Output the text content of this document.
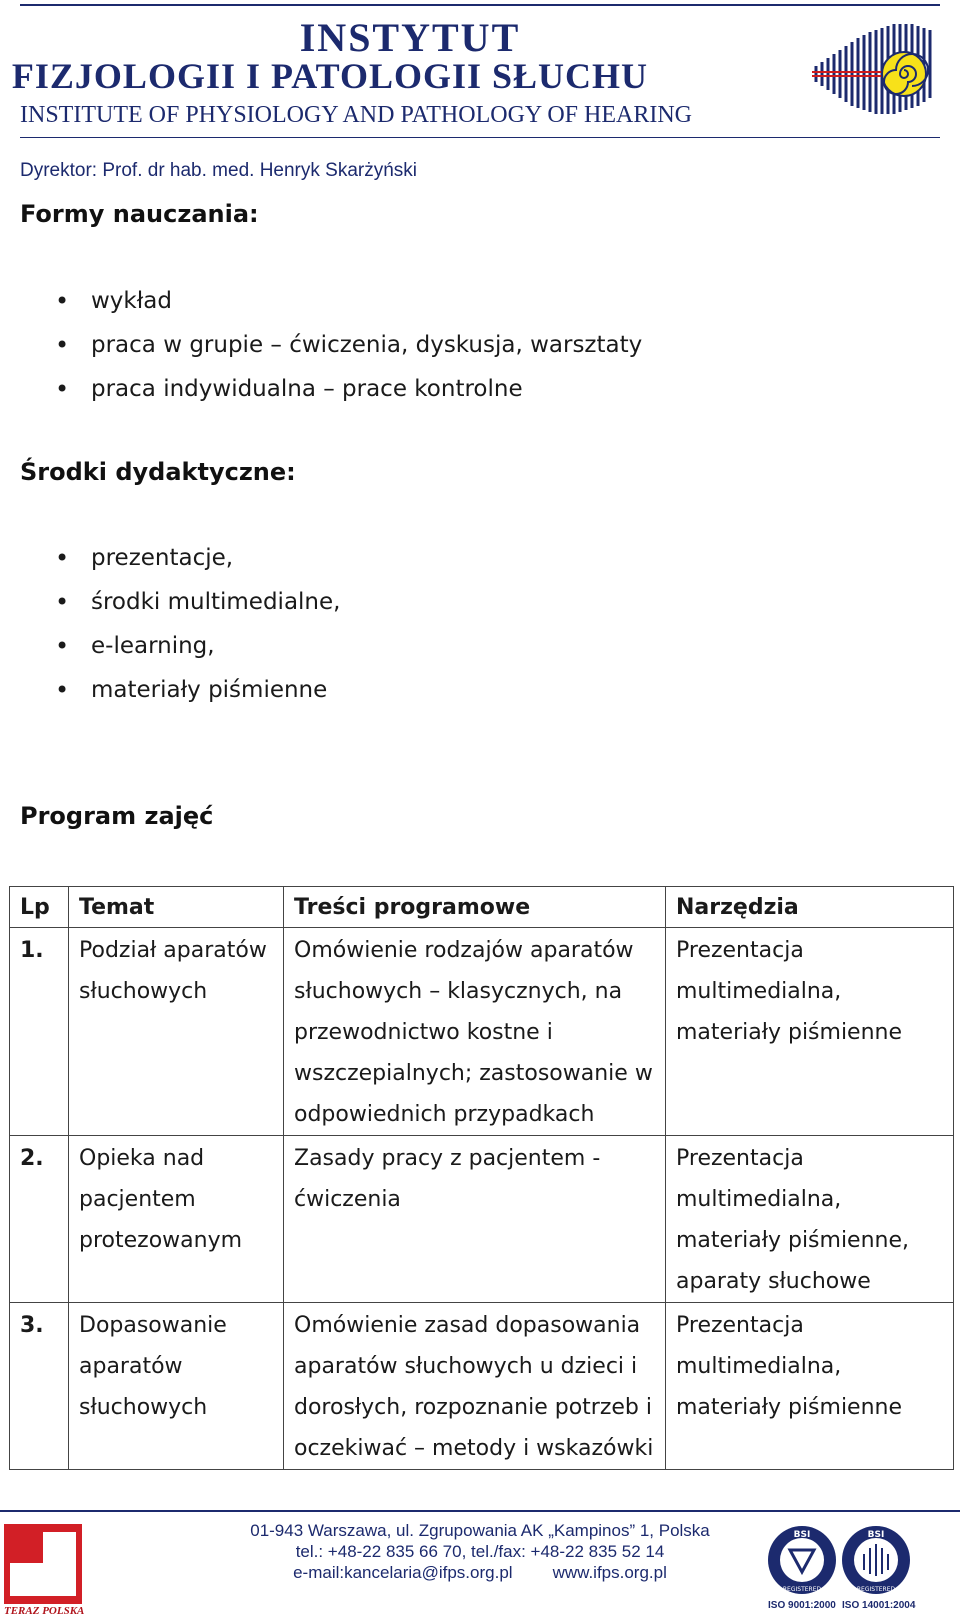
INSTYTUT
FIZJOLOGII I PATOLOGII SŁUCHU
INSTITUTE OF PHYSIOLOGY AND PATHOLOGY OF HEARING
Dyrektor: Prof. dr hab. med. Henryk Skarżyński
Formy nauczania:
• wykład
• praca w grupie – ćwiczenia, dyskusja, warsztaty
• praca indywidualna – prace kontrolne
Środki dydaktyczne:
• prezentacje,
• środki multimedialne,
• e-learning,
• materiały piśmienne
Program zajęć
Lp	Temat	Treści programowe	Narzędzia
1.	Podział aparatów słuchowych	Omówienie rodzajów aparatów słuchowych – klasycznych, na przewodnictwo kostne i wszczepialnych; zastosowanie w odpowiednich przypadkach	Prezentacja multimedialna, materiały piśmienne
2.	Opieka nad pacjentem protezowanym	Zasady pracy z pacjentem - ćwiczenia	Prezentacja multimedialna, materiały piśmienne, aparaty słuchowe
3.	Dopasowanie aparatów słuchowych	Omówienie zasad dopasowania aparatów słuchowych u dzieci i dorosłych, rozpoznanie potrzeb i oczekiwać – metody i wskazówki	Prezentacja multimedialna, materiały piśmienne
TERAZ POLSKA
01-943 Warszawa, ul. Zgrupowania AK „Kampinos” 1, Polska
tel.: +48-22 835 66 70, tel./fax: +48-22 835 52 14
e-mail:kancelaria@ifps.org.pl www.ifps.org.pl
BSI
REGISTERED
ISO 9001:2000
BSI
REGISTERED
ISO 14001:2004
